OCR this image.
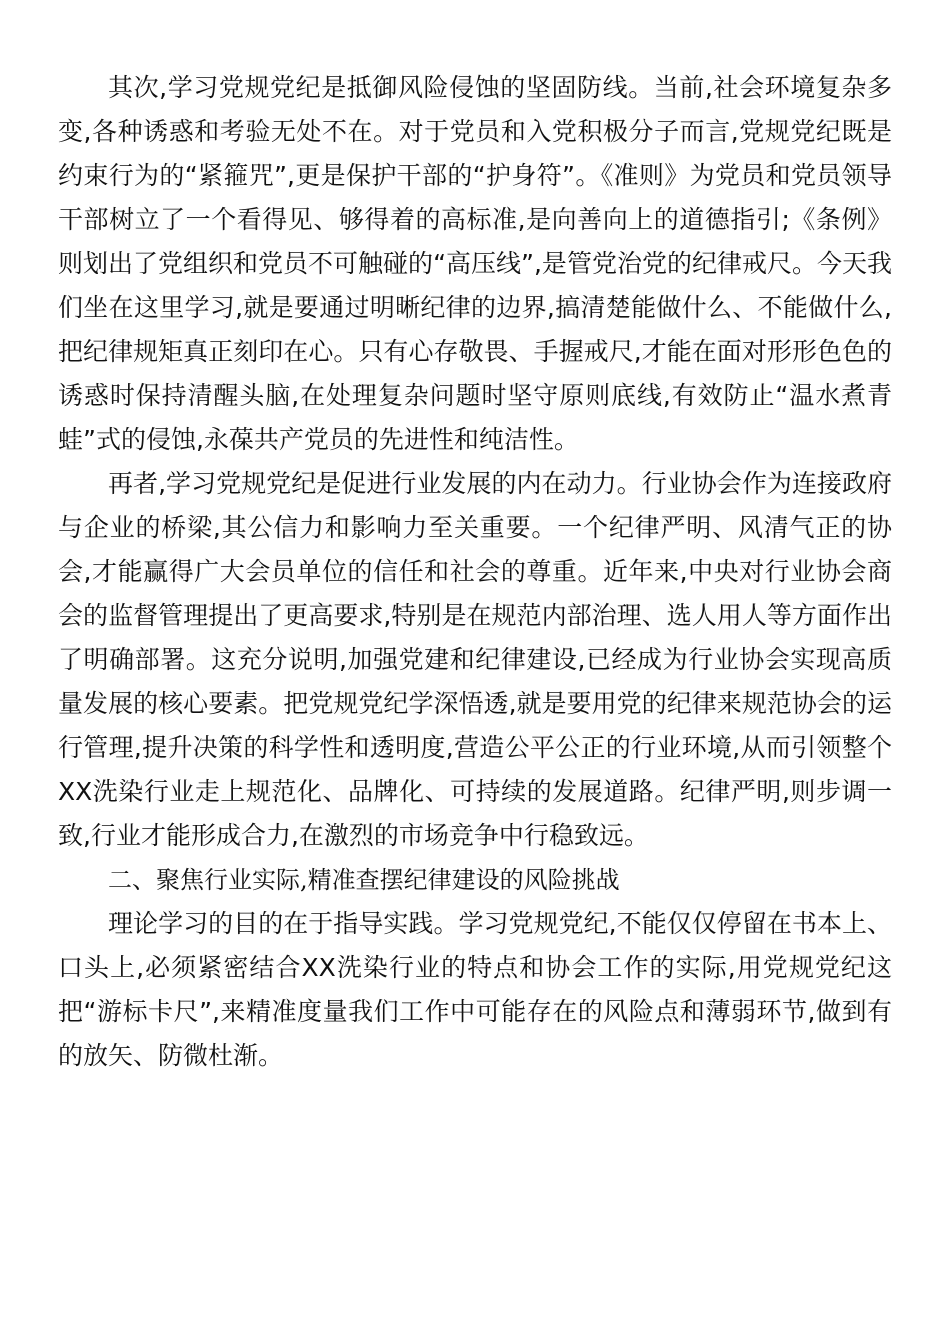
其次,学习党规党纪是抵御风险侵蚀的坚固防线。当前,社会环境复杂多变,各种诱惑和考验无处不在。对于党员和入党积极分子而言,党规党纪既是约束行为的“紧箍咒”,更是保护干部的“护身符”。《准则》为党员和党员领导干部树立了一个看得见、够得着的高标准,是向善向上的道德指引;《条例》则划出了党组织和党员不可触碰的“高压线”,是管党治党的纪律戒尺。今天我们坐在这里学习,就是要通过明晰纪律的边界,搞清楚能做什么、不能做什么,把纪律规矩真正刻印在心。只有心存敬畏、手握戒尺,才能在面对形形色色的诱惑时保持清醒头脑,在处理复杂问题时坚守原则底线,有效防止“温水煮青蛙”式的侵蚀,永葆共产党员的先进性和纯洁性。

再者,学习党规党纪是促进行业发展的内在动力。行业协会作为连接政府与企业的桥梁,其公信力和影响力至关重要。一个纪律严明、风清气正的协会,才能赢得广大会员单位的信任和社会的尊重。近年来,中央对行业协会商会的监督管理提出了更高要求,特别是在规范内部治理、选人用人等方面作出了明确部署。这充分说明,加强党建和纪律建设,已经成为行业协会实现高质量发展的核心要素。把党规党纪学深悟透,就是要用党的纪律来规范协会的运行管理,提升决策的科学性和透明度,营造公平公正的行业环境,从而引领整个XX洗染行业走上规范化、品牌化、可持续的发展道路。纪律严明,则步调一致,行业才能形成合力,在激烈的市场竞争中行稳致远。

二、聚焦行业实际,精准查摆纪律建设的风险挑战

理论学习的目的在于指导实践。学习党规党纪,不能仅仅停留在书本上、口头上,必须紧密结合XX洗染行业的特点和协会工作的实际,用党规党纪这把“游标卡尺”,来精准度量我们工作中可能存在的风险点和薄弱环节,做到有的放矢、防微杜渐。
